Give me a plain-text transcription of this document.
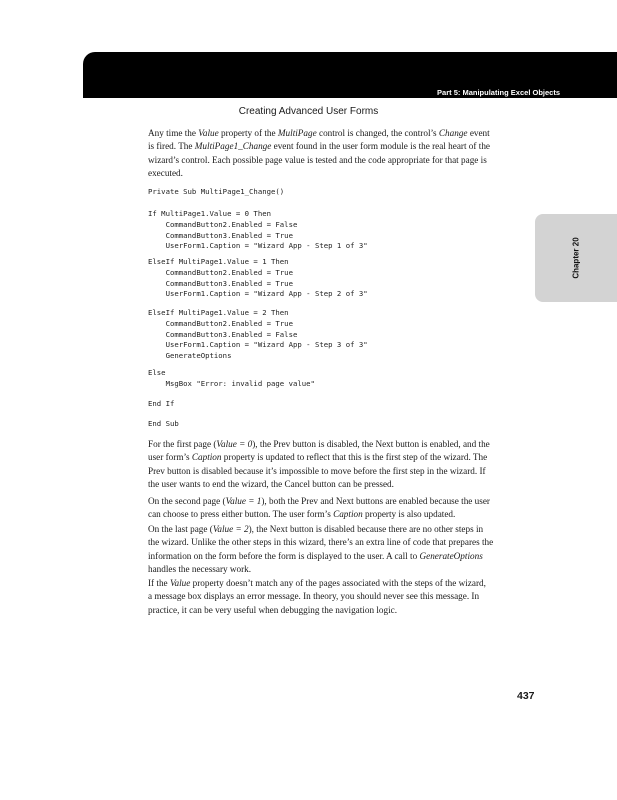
Part 5: Manipulating Excel Objects
Creating Advanced User Forms
Chapter 20

Any time the Value property of the MultiPage control is changed, the control’s Change event
is fired. The MultiPage1_Change event found in the user form module is the real heart of the
wizard’s control. Each possible page value is tested and the code appropriate for that page is
executed.

Private Sub MultiPage1_Change()
If MultiPage1.Value = 0 Then
CommandButton2.Enabled = False
CommandButton3.Enabled = True
UserForm1.Caption = "Wizard App - Step 1 of 3"
ElseIf MultiPage1.Value = 1 Then
CommandButton2.Enabled = True
CommandButton3.Enabled = True
UserForm1.Caption = "Wizard App - Step 2 of 3"
ElseIf MultiPage1.Value = 2 Then
CommandButton2.Enabled = True
CommandButton3.Enabled = False
UserForm1.Caption = "Wizard App - Step 3 of 3"
GenerateOptions
Else
MsgBox "Error: invalid page value"
End If
End Sub

For the first page (Value = 0), the Prev button is disabled, the Next button is enabled, and the
user form’s Caption property is updated to reflect that this is the first step of the wizard. The
Prev button is disabled because it’s impossible to move before the first step in the wizard. If
the user wants to end the wizard, the Cancel button can be pressed.

On the second page (Value = 1), both the Prev and Next buttons are enabled because the user
can choose to press either button. The user form’s Caption property is also updated.

On the last page (Value = 2), the Next button is disabled because there are no other steps in
the wizard. Unlike the other steps in this wizard, there’s an extra line of code that prepares the
information on the form before the form is displayed to the user. A call to GenerateOptions
handles the necessary work.

If the Value property doesn’t match any of the pages associated with the steps of the wizard,
a message box displays an error message. In theory, you should never see this message. In
practice, it can be very useful when debugging the navigation logic.

437
